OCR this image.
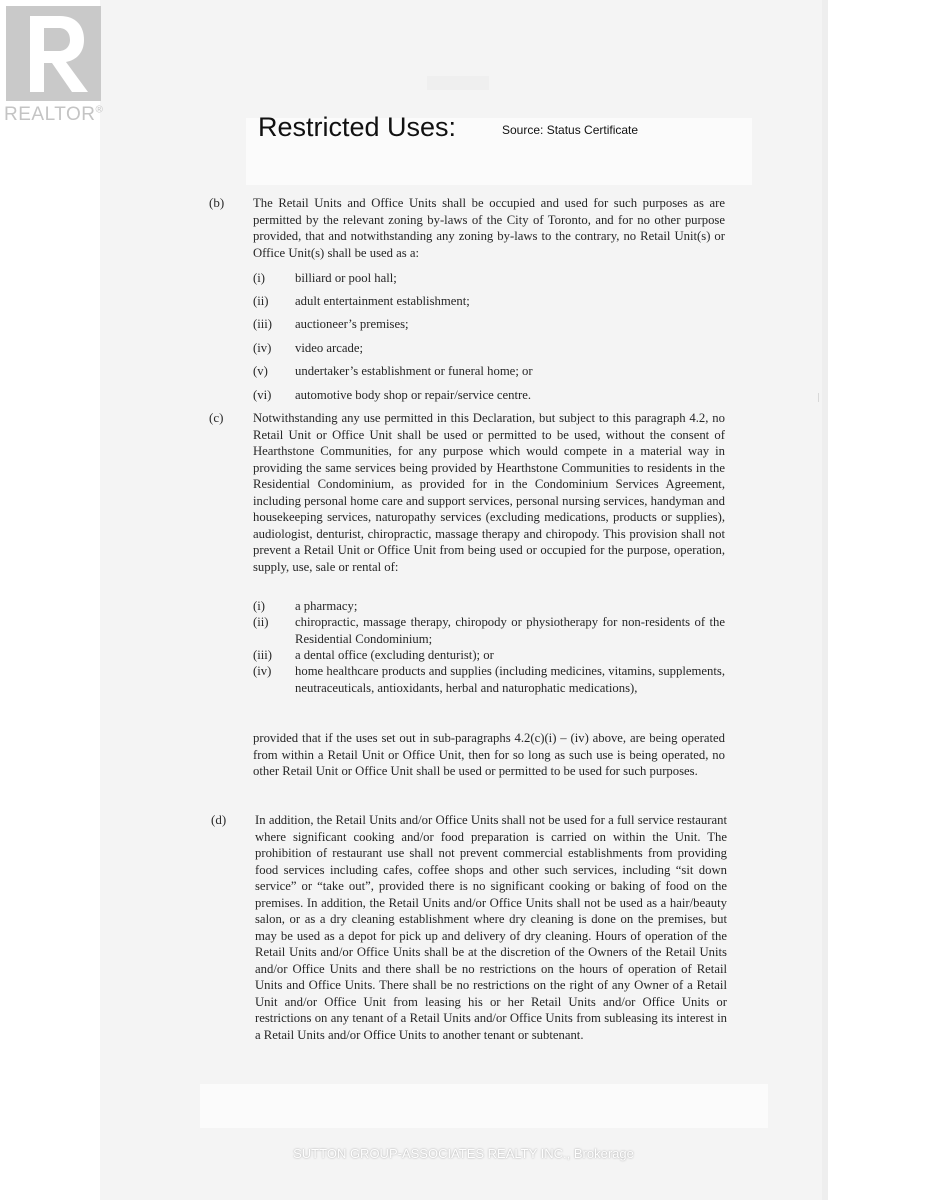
REALTOR®
Restricted Uses:	Source: Status Certificate
(b) The Retail Units and Office Units shall be occupied and used for such purposes as are permitted by the relevant zoning by-laws of the City of Toronto, and for no other purpose provided, that and notwithstanding any zoning by-laws to the contrary, no Retail Unit(s) or Office Unit(s) shall be used as a:

(i) billiard or pool hall;
(ii) adult entertainment establishment;
(iii) auctioneer’s premises;
(iv) video arcade;
(v) undertaker’s establishment or funeral home; or
(vi) automotive body shop or repair/service centre.
(c) Notwithstanding any use permitted in this Declaration, but subject to this paragraph 4.2, no Retail Unit or Office Unit shall be used or permitted to be used, without the consent of Hearthstone Communities, for any purpose which would compete in a material way in providing the same services being provided by Hearthstone Communities to residents in the Residential Condominium, as provided for in the Condominium Services Agreement, including personal home care and support services, personal nursing services, handyman and housekeeping services, naturopathy services (excluding medications, products or supplies), audiologist, denturist, chiropractic, massage therapy and chiropody. This provision shall not prevent a Retail Unit or Office Unit from being used or occupied for the purpose, operation, supply, use, sale or rental of:

(i) a pharmacy;

(ii) chiropractic, massage therapy, chiropody or physiotherapy for non-residents of the Residential Condominium;

(iii) a dental office (excluding denturist); or

(iv) home healthcare products and supplies (including medicines, vitamins, supplements, neutraceuticals, antioxidants, herbal and naturophatic medications),

provided that if the uses set out in sub-paragraphs 4.2(c)(i) – (iv) above, are being operated from within a Retail Unit or Office Unit, then for so long as such use is being operated, no other Retail Unit or Office Unit shall be used or permitted to be used for such purposes.

(d) In addition, the Retail Units and/or Office Units shall not be used for a full service restaurant where significant cooking and/or food preparation is carried on within the Unit. The prohibition of restaurant use shall not prevent commercial establishments from providing food services including cafes, coffee shops and other such services, including “sit down service” or “take out”, provided there is no significant cooking or baking of food on the premises. In addition, the Retail Units and/or Office Units shall not be used as a hair/beauty salon, or as a dry cleaning establishment where dry cleaning is done on the premises, but may be used as a depot for pick up and delivery of dry cleaning. Hours of operation of the Retail Units and/or Office Units shall be at the discretion of the Owners of the Retail Units and/or Office Units and there shall be no restrictions on the hours of operation of Retail Units and Office Units. There shall be no restrictions on the right of any Owner of a Retail Unit and/or Office Unit from leasing his or her Retail Units and/or Office Units or restrictions on any tenant of a Retail Units and/or Office Units from subleasing its interest in a Retail Units and/or Office Units to another tenant or subtenant.

SUTTON GROUP-ASSOCIATES REALTY INC., Brokerage
